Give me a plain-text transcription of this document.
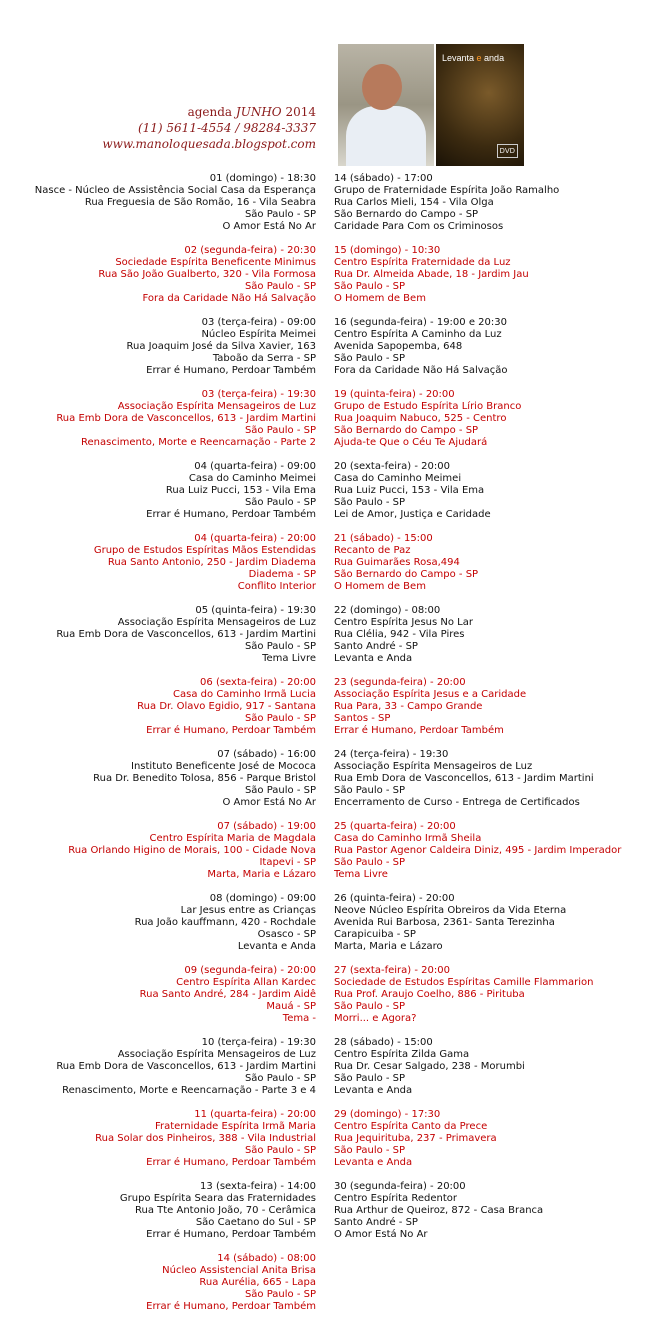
agenda JUNHO 2014
(11) 5611-4554 / 98284-3337
www.manoloquesada.blogspot.com
Levanta e anda
DVD
01 (domingo) - 18:30
Nasce - Núcleo de Assistência Social Casa da Esperança
Rua Freguesia de São Romão, 16 - Vila Seabra
São Paulo - SP
O Amor Está No Ar
02 (segunda-feira) - 20:30
Sociedade Espírita Beneficente Minimus
Rua São João Gualberto, 320 - Vila Formosa
São Paulo - SP
Fora da Caridade Não Há Salvação
03 (terça-feira) - 09:00
Núcleo Espírita Meimei
Rua Joaquim José da Silva Xavier, 163
Taboão da Serra - SP
Errar é Humano, Perdoar Também
03 (terça-feira) - 19:30
Associação Espírita Mensageiros de Luz
Rua Emb Dora de Vasconcellos, 613 - Jardim Martini
São Paulo - SP
Renascimento, Morte e Reencarnação - Parte 2
04 (quarta-feira) - 09:00
Casa do Caminho Meimei
Rua Luiz Pucci, 153 - Vila Ema
São Paulo - SP
Errar é Humano, Perdoar Também
04 (quarta-feira) - 20:00
Grupo de Estudos Espíritas Mãos Estendidas
Rua Santo Antonio, 250 - Jardim Diadema
Diadema - SP
Conflito Interior
05 (quinta-feira) - 19:30
Associação Espírita Mensageiros de Luz
Rua Emb Dora de Vasconcellos, 613 - Jardim Martini
São Paulo - SP
Tema Livre
06 (sexta-feira) - 20:00
Casa do Caminho Irmã Lucia
Rua Dr. Olavo Egidio, 917 - Santana
São Paulo - SP
Errar é Humano, Perdoar Também
07 (sábado) - 16:00
Instituto Beneficente José de Mococa
Rua Dr. Benedito Tolosa, 856 - Parque Bristol
São Paulo - SP
O Amor Está No Ar
07 (sábado) - 19:00
Centro Espírita Maria de Magdala
Rua Orlando Higino de Morais, 100 - Cidade Nova
Itapevi - SP
Marta, Maria e Lázaro
08 (domingo) - 09:00
Lar Jesus entre as Crianças
Rua João kauffmann, 420 - Rochdale
Osasco - SP
Levanta e Anda
09 (segunda-feira) - 20:00
Centro Espírita Allan Kardec
Rua Santo André, 284 - Jardim Aidê
Mauá - SP
Tema -
10 (terça-feira) - 19:30
Associação Espírita Mensageiros de Luz
Rua Emb Dora de Vasconcellos, 613 - Jardim Martini
São Paulo - SP
Renascimento, Morte e Reencarnação - Parte 3 e 4
11 (quarta-feira) - 20:00
Fraternidade Espírita Irmã Maria
Rua Solar dos Pinheiros, 388 - Vila Industrial
São Paulo - SP
Errar é Humano, Perdoar Também
13 (sexta-feira) - 14:00
Grupo Espírita Seara das Fraternidades
Rua Tte Antonio João, 70 - Cerâmica
São Caetano do Sul - SP
Errar é Humano, Perdoar Também
14 (sábado) - 08:00
Núcleo Assistencial Anita Brisa
Rua Aurélia, 665 - Lapa
São Paulo - SP
Errar é Humano, Perdoar Também
14 (sábado) - 17:00
Grupo de Fraternidade Espírita João Ramalho
Rua Carlos Mieli, 154 - Vila Olga
São Bernardo do Campo - SP
Caridade Para Com os Criminosos
15 (domingo) - 10:30
Centro Espírita Fraternidade da Luz
Rua Dr. Almeida Abade, 18 - Jardim Jau
São Paulo - SP
O Homem de Bem
16 (segunda-feira) - 19:00 e 20:30
Centro Espírita A Caminho da Luz
Avenida Sapopemba, 648
São Paulo - SP
Fora da Caridade Não Há Salvação
19 (quinta-feira) - 20:00
Grupo de Estudo Espírita Lírio Branco
Rua Joaquim Nabuco, 525 - Centro
São Bernardo do Campo - SP
Ajuda-te Que o Céu Te Ajudará
20 (sexta-feira) - 20:00
Casa do Caminho Meimei
Rua Luiz Pucci, 153 - Vila Ema
São Paulo - SP
Lei de Amor, Justiça e Caridade
21 (sábado) - 15:00
Recanto de Paz
Rua Guimarães Rosa,494
São Bernardo do Campo - SP
O Homem de Bem
22 (domingo) - 08:00
Centro Espírita Jesus No Lar
Rua Clélia, 942 - Vila Pires
Santo André - SP
Levanta e Anda
23 (segunda-feira) - 20:00
Associação Espírita Jesus e a Caridade
Rua Para, 33 - Campo Grande
Santos - SP
Errar é Humano, Perdoar Também
24 (terça-feira) - 19:30
Associação Espírita Mensageiros de Luz
Rua Emb Dora de Vasconcellos, 613 - Jardim Martini
São Paulo - SP
Encerramento de Curso - Entrega de Certificados
25 (quarta-feira) - 20:00
Casa do Caminho Irmã Sheila
Rua Pastor Agenor Caldeira Diniz, 495 - Jardim Imperador
São Paulo - SP
Tema Livre
26 (quinta-feira) - 20:00
Neove Núcleo Espírita Obreiros da Vida Eterna
Avenida Rui Barbosa, 2361- Santa Terezinha
Carapicuiba - SP
Marta, Maria e Lázaro
27 (sexta-feira) - 20:00
Sociedade de Estudos Espíritas Camille Flammarion
Rua Prof. Araujo Coelho, 886 - Pirituba
São Paulo - SP
Morri... e Agora?
28 (sábado) - 15:00
Centro Espírita Zilda Gama
Rua Dr. Cesar Salgado, 238 - Morumbi
São Paulo - SP
Levanta e Anda
29 (domingo) - 17:30
Centro Espírita Canto da Prece
Rua Jequirituba, 237 - Primavera
São Paulo - SP
Levanta e Anda
30 (segunda-feira) - 20:00
Centro Espírita Redentor
Rua Arthur de Queiroz, 872 - Casa Branca
Santo André - SP
O Amor Está No Ar
